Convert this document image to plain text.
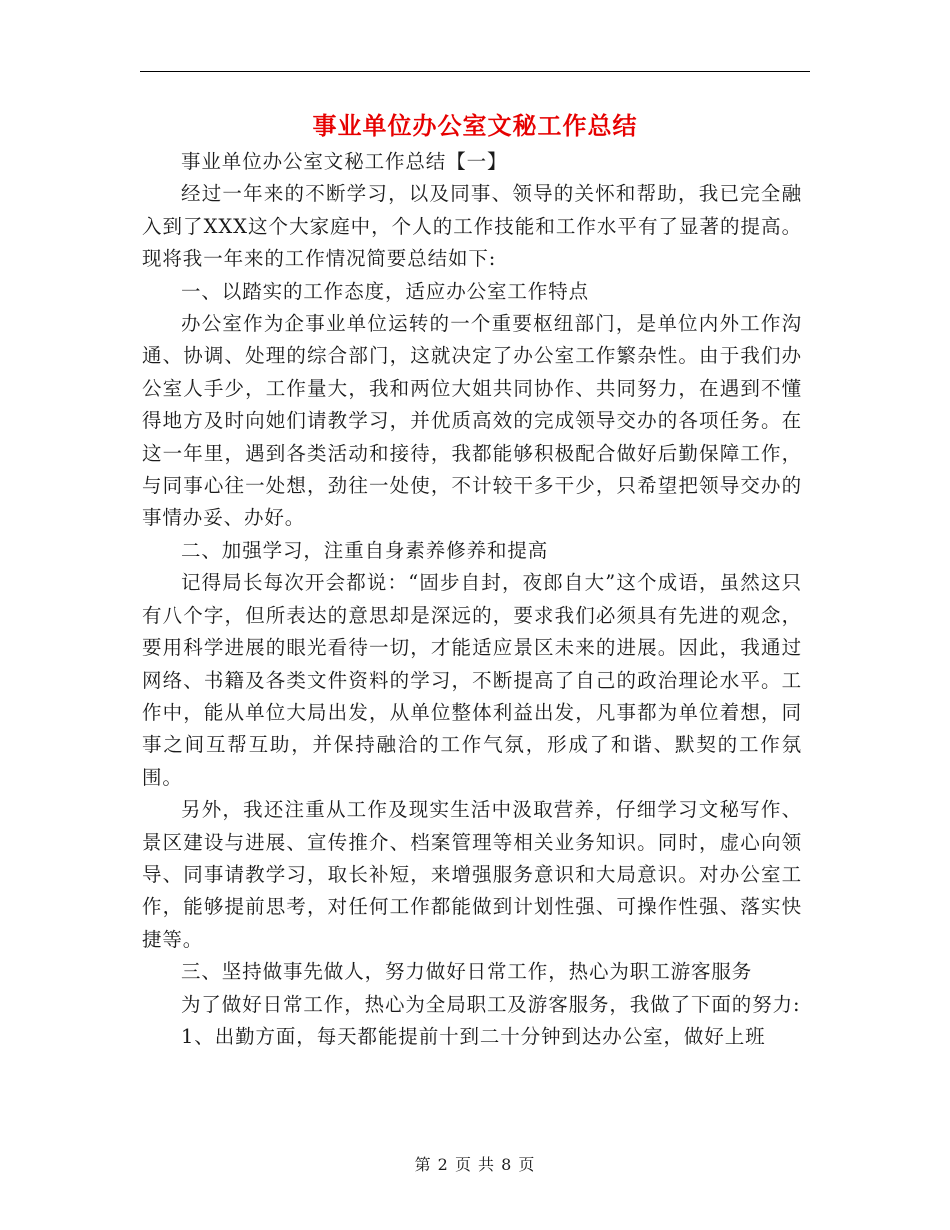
事业单位办公室文秘工作总结

事业单位办公室文秘工作总结【一】

经过一年来的不断学习，以及同事、领导的关怀和帮助，我已完全融入到了XXX这个大家庭中，个人的工作技能和工作水平有了显著的提高。现将我一年来的工作情况简要总结如下:

一、以踏实的工作态度，适应办公室工作特点

办公室作为企事业单位运转的一个重要枢纽部门，是单位内外工作沟通、协调、处理的综合部门，这就决定了办公室工作繁杂性。由于我们办公室人手少，工作量大，我和两位大姐共同协作、共同努力，在遇到不懂得地方及时向她们请教学习，并优质高效的完成领导交办的各项任务。在这一年里，遇到各类活动和接待，我都能够积极配合做好后勤保障工作，与同事心往一处想，劲往一处使，不计较干多干少，只希望把领导交办的事情办妥、办好。

二、加强学习，注重自身素养修养和提高

记得局长每次开会都说：“固步自封，夜郎自大”这个成语，虽然这只有八个字，但所表达的意思却是深远的，要求我们必须具有先进的观念，要用科学进展的眼光看待一切，才能适应景区未来的进展。因此，我通过网络、书籍及各类文件资料的学习，不断提高了自己的政治理论水平。工作中，能从单位大局出发，从单位整体利益出发，凡事都为单位着想，同事之间互帮互助，并保持融洽的工作气氛，形成了和谐、默契的工作氛围。

另外，我还注重从工作及现实生活中汲取营养，仔细学习文秘写作、景区建设与进展、宣传推介、档案管理等相关业务知识。同时，虚心向领导、同事请教学习，取长补短，来增强服务意识和大局意识。对办公室工作，能够提前思考，对任何工作都能做到计划性强、可操作性强、落实快捷等。

三、坚持做事先做人，努力做好日常工作，热心为职工游客服务

为了做好日常工作，热心为全局职工及游客服务，我做了下面的努力:

1、出勤方面，每天都能提前十到二十分钟到达办公室，做好上班

第 2 页 共 8 页
